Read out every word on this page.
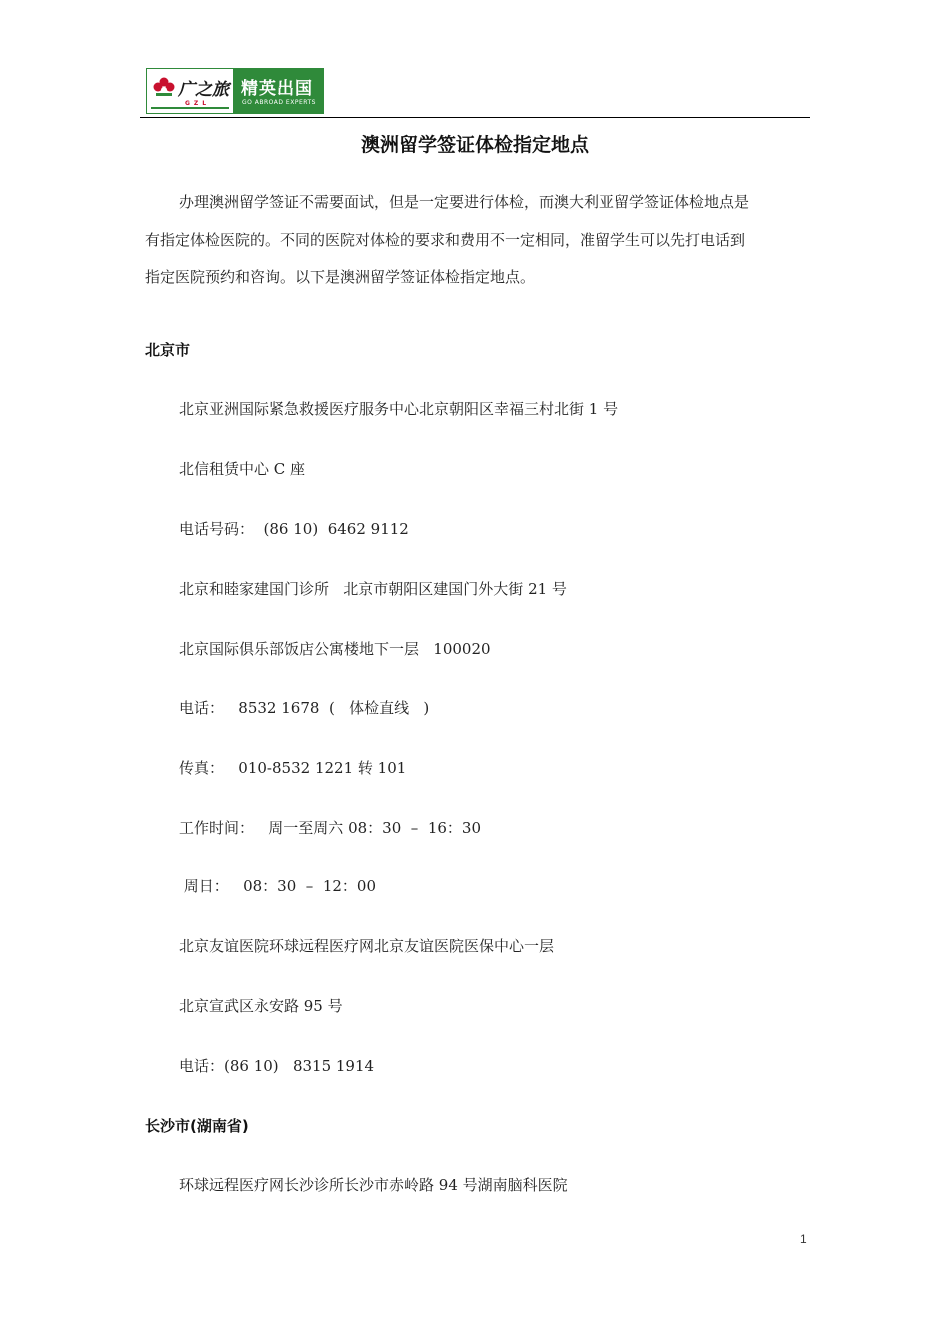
广之旅
GZL
精英出国
GO ABROAD EXPERTS
澳洲留学签证体检指定地点
办理澳洲留学签证不需要面试，但是一定要进行体检，而澳大利亚留学签证体检地点是
有指定体检医院的。不同的医院对体检的要求和费用不一定相同，准留学生可以先打电话到
指定医院预约和咨询。以下是澳洲留学签证体检指定地点。
北京市
北京亚洲国际紧急救援医疗服务中心北京朝阳区幸福三村北街 1 号
北信租赁中心 C 座
电话号码：  (86 10)  6462 9112
北京和睦家建国门诊所   北京市朝阳区建国门外大街 21 号
北京国际俱乐部饭店公寓楼地下一层   100020
电话：   8532 1678  (   体检直线   )
传真：   010-8532 1221 转 101
工作时间：   周一至周六 08：30  –  16：30
周日：   08：30  –  12：00
北京友谊医院环球远程医疗网北京友谊医院医保中心一层
北京宣武区永安路 95 号
电话：(86 10)   8315 1914
长沙市(湖南省)
环球远程医疗网长沙诊所长沙市赤岭路 94 号湖南脑科医院
1
